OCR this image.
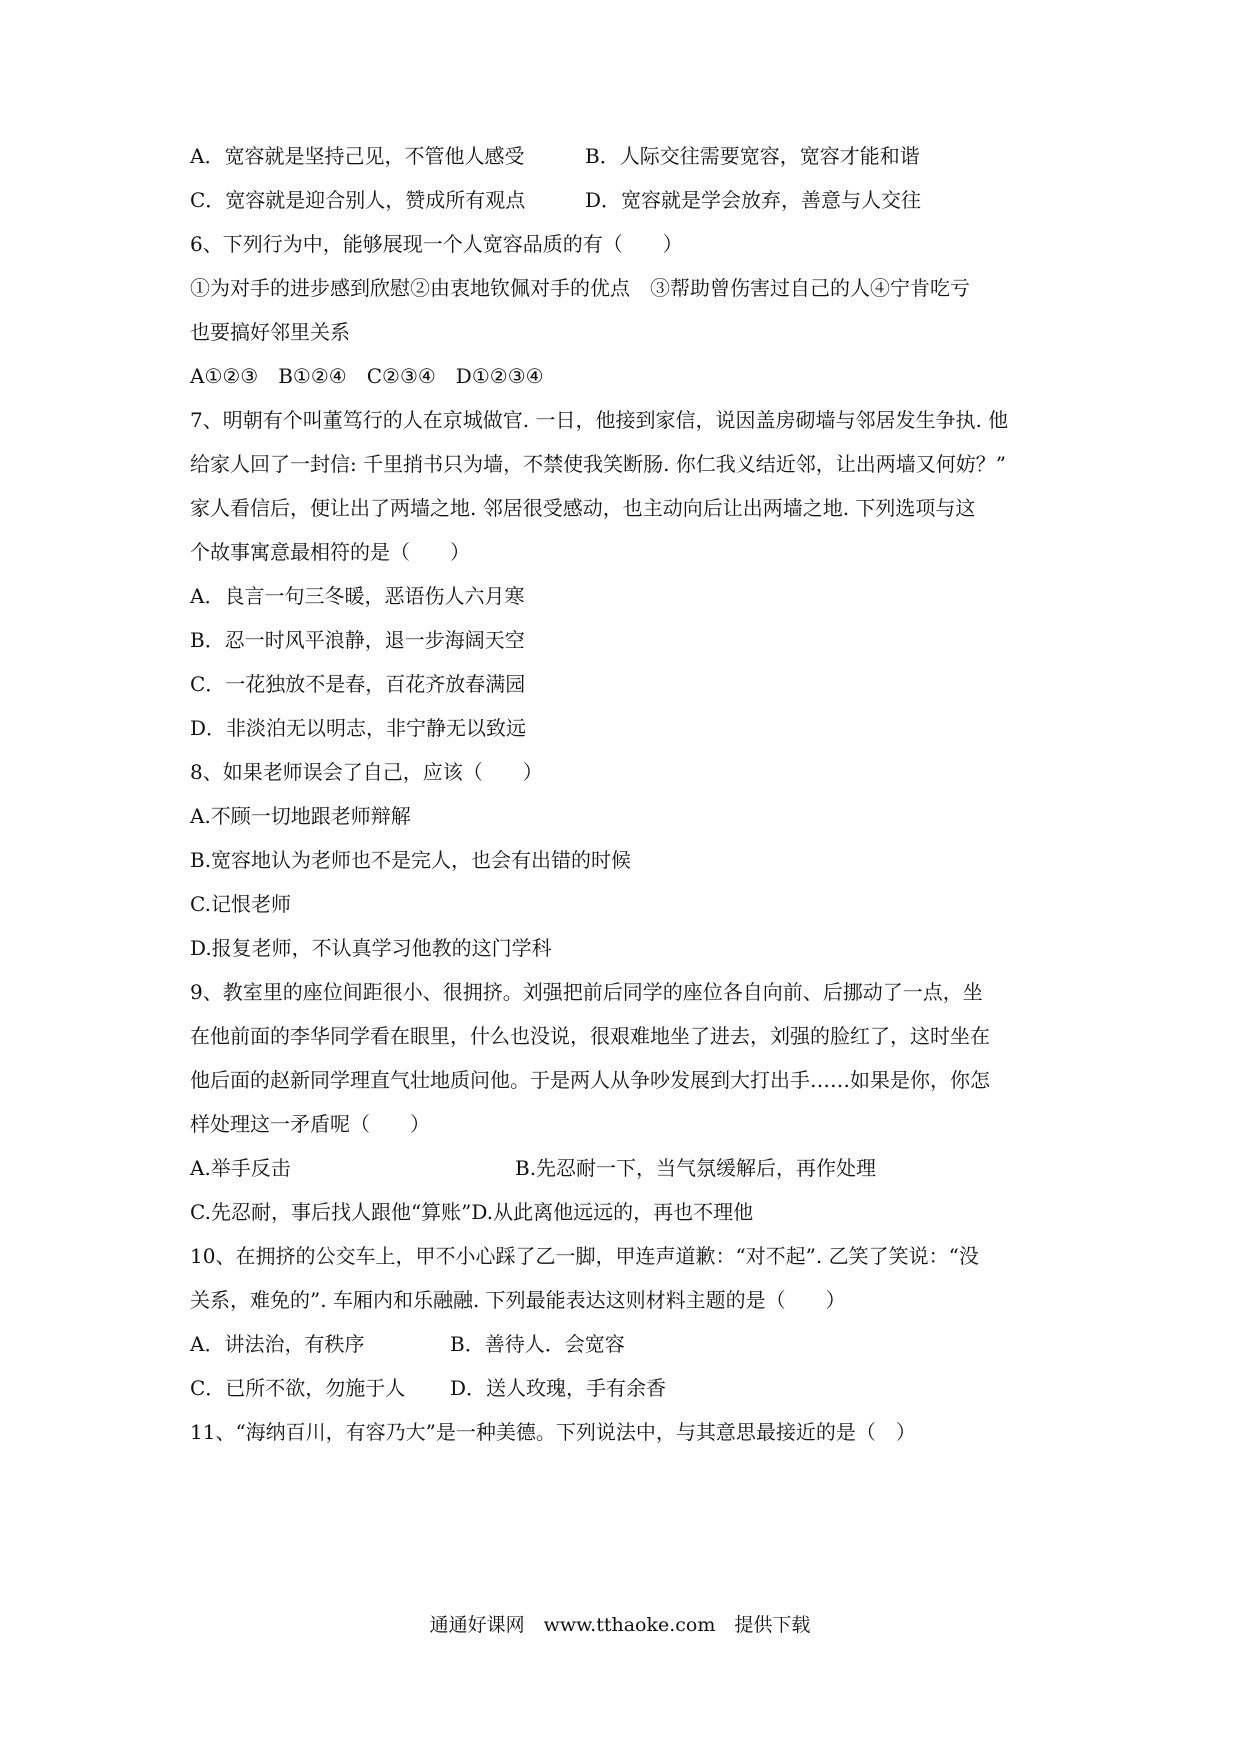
A．宽容就是坚持己见，不管他人感受	B．人际交往需要宽容，宽容才能和谐
C．宽容就是迎合别人，赞成所有观点	D．宽容就是学会放弃，善意与人交往
6、下列行为中，能够展现一个人宽容品质的有（　　）
①为对手的进步感到欣慰②由衷地钦佩对手的优点　③帮助曾伤害过自己的人④宁肯吃亏
也要搞好邻里关系
A①②③　B①②④　C②③④　D①②③④
7、明朝有个叫董笃行的人在京城做官. 一日，他接到家信，说因盖房砌墙与邻居发生争执. 他
给家人回了一封信: 千里捎书只为墙，不禁使我笑断肠. 你仁我义结近邻，让出两墙又何妨？”
家人看信后，便让出了两墙之地. 邻居很受感动，也主动向后让出两墙之地. 下列选项与这
个故事寓意最相符的是（　　）
A．良言一句三冬暖，恶语伤人六月寒
B．忍一时风平浪静，退一步海阔天空
C．一花独放不是春，百花齐放春满园
D．非淡泊无以明志，非宁静无以致远
8、如果老师误会了自己，应该（　　）
A.不顾一切地跟老师辩解
B.宽容地认为老师也不是完人，也会有出错的时候
C.记恨老师
D.报复老师，不认真学习他教的这门学科
9、教室里的座位间距很小、很拥挤。刘强把前后同学的座位各自向前、后挪动了一点，坐
在他前面的李华同学看在眼里，什么也没说，很艰难地坐了进去，刘强的脸红了，这时坐在
他后面的赵新同学理直气壮地质问他。于是两人从争吵发展到大打出手……如果是你，你怎
样处理这一矛盾呢（　　）
A.举手反击	B.先忍耐一下，当气氛缓解后，再作处理
C.先忍耐，事后找人跟他“算账”D.从此离他远远的，再也不理他
10、在拥挤的公交车上，甲不小心踩了乙一脚，甲连声道歉：“对不起”. 乙笑了笑说：“没
关系，难免的”. 车厢内和乐融融. 下列最能表达这则材料主题的是（　　）
A．讲法治，有秩序	B．善待人．会宽容
C．已所不欲，勿施于人 D．送人玫瑰，手有余香
11、“海纳百川，有容乃大”是一种美德。下列说法中，与其意思最接近的是（　）
通通好课网　www.tthaoke.com　提供下载
